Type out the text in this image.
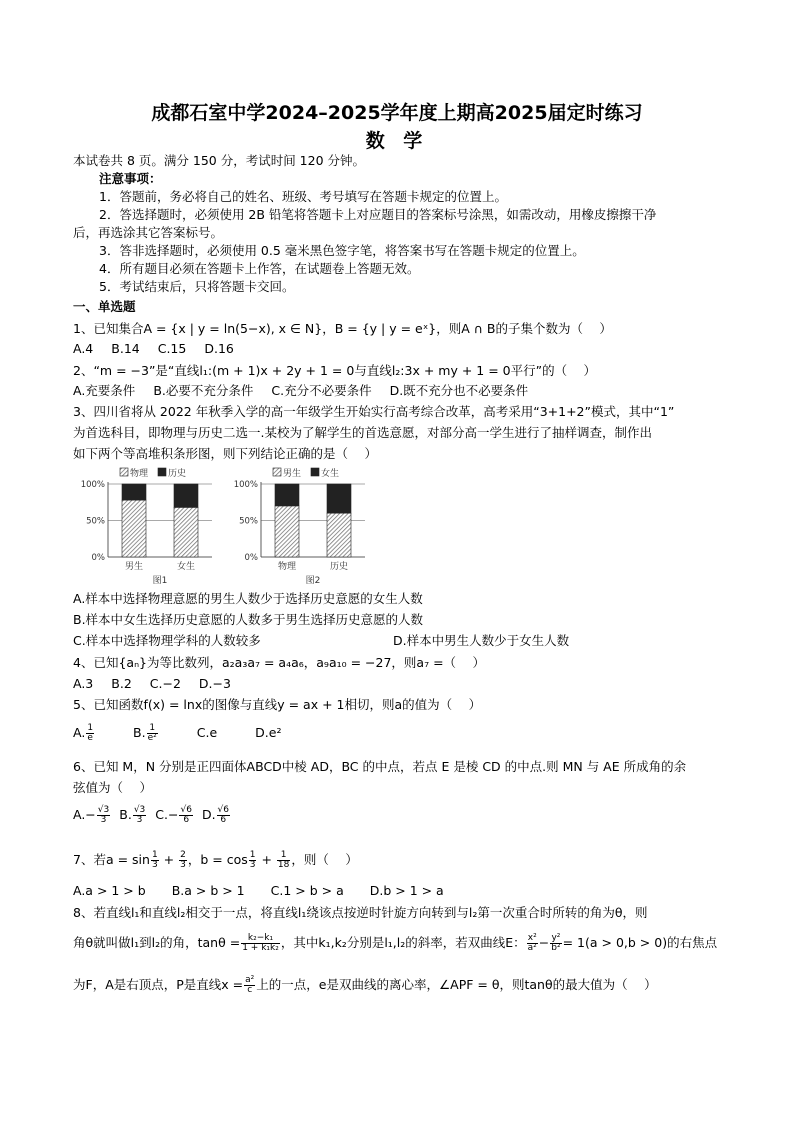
成都石室中学2024–2025学年度上期高2025届定时练习
数 学
本试卷共 8 页。满分 150 分，考试时间 120 分钟。
注意事项：
1．答题前，务必将自己的姓名、班级、考号填写在答题卡规定的位置上。
2．答选择题时，必须使用 2B 铅笔将答题卡上对应题目的答案标号涂黑，如需改动，用橡皮擦擦干净
后，再选涂其它答案标号。
3．答非选择题时，必须使用 0.5 毫米黑色签字笔，将答案书写在答题卡规定的位置上。
4．所有题目必须在答题卡上作答，在试题卷上答题无效。
5．考试结束后，只将答题卡交回。
一、单选题
1、已知集合A = {x | y = ln(5−x), x ∈ N}，B = {y | y = eˣ}，则A ∩ B的子集个数为（　 ）
A.4 B.14 C.15 D.16
2、“m = −3”是“直线l₁:(m + 1)x + 2y + 1 = 0与直线l₂:3x + my + 1 = 0平行”的（　 ）
A.充要条件 B.必要不充分条件 C.充分不必要条件 D.既不充分也不必要条件
3、四川省将从 2022 年秋季入学的高一年级学生开始实行高考综合改革，高考采用“3+1+2”模式，其中“1”
为首选科目，即物理与历史二选一.某校为了解学生的首选意愿，对部分高一学生进行了抽样调查，制作出
如下两个等高堆积条形图，则下列结论正确的是（　 ）
物理 历史
0%
50%
100%
男生	女生
图1
男生 女生
0%
50%
100%
物理	历史
图2
A.样本中选择物理意愿的男生人数少于选择历史意愿的女生人数
B.样本中女生选择历史意愿的人数多于男生选择历史意愿的人数
C.样本中选择物理学科的人数较多	D.样本中男生人数少于女生人数
4、已知{aₙ}为等比数列，a₂a₃a₇ = a₄a₆，a₉a₁₀ = −27，则a₇ =（　 ）
A.3 B.2 C.−2 D.−3
5、已知函数f(x) = lnx的图像与直线y = ax + 1相切，则a的值为（　 ）
A. $\frac{1}{e}$	B. $\frac{1}{\text{e²}}$	C.e	D.e²
6、已知 M，N 分别是正四面体ABCD中棱 AD，BC 的中点，若点 E 是棱 CD 的中点.则 MN 与 AE 所成角的余
弦值为（　 ）
$A.- \frac{√3}{3} B$. $\frac{√3}{3} C.- \frac{√6}{6} D$. $\frac{√6}{6}$
7、若$a = \sin \frac{1}{3} + \frac{2}{3}$ ，$b = \cos \frac{1}{3} + \frac{1}{18}$ ，则（　 ）
A.a > 1 > b B.a > b > 1 C.1 > b > a D.b > 1 > a
8、若直线l₁和直线l₂相交于一点，将直线l₁绕该点按逆时针旋方向转到与l₂第一次重合时所转的角为θ，则
角θ就叫做l₁到l₂的角，$\tan\theta = \frac{\text{k₂−k₁}}{\text{1 + k₁k₂}}$ ，其中k₁,k₂分别是l₁,l₂的斜率，若双曲线E： $\frac{\text{x²}}{\text{a²}} - \frac{\text{y²}}{\text{b²}} = 1(a > 0,b > 0)$的右焦点
为F，A是右顶点，P是直线$x = \frac{\text{a²}}{c}$ 上的一点，e是双曲线的离心率，∠APF = θ，则tanθ的最大值为（　 ）
